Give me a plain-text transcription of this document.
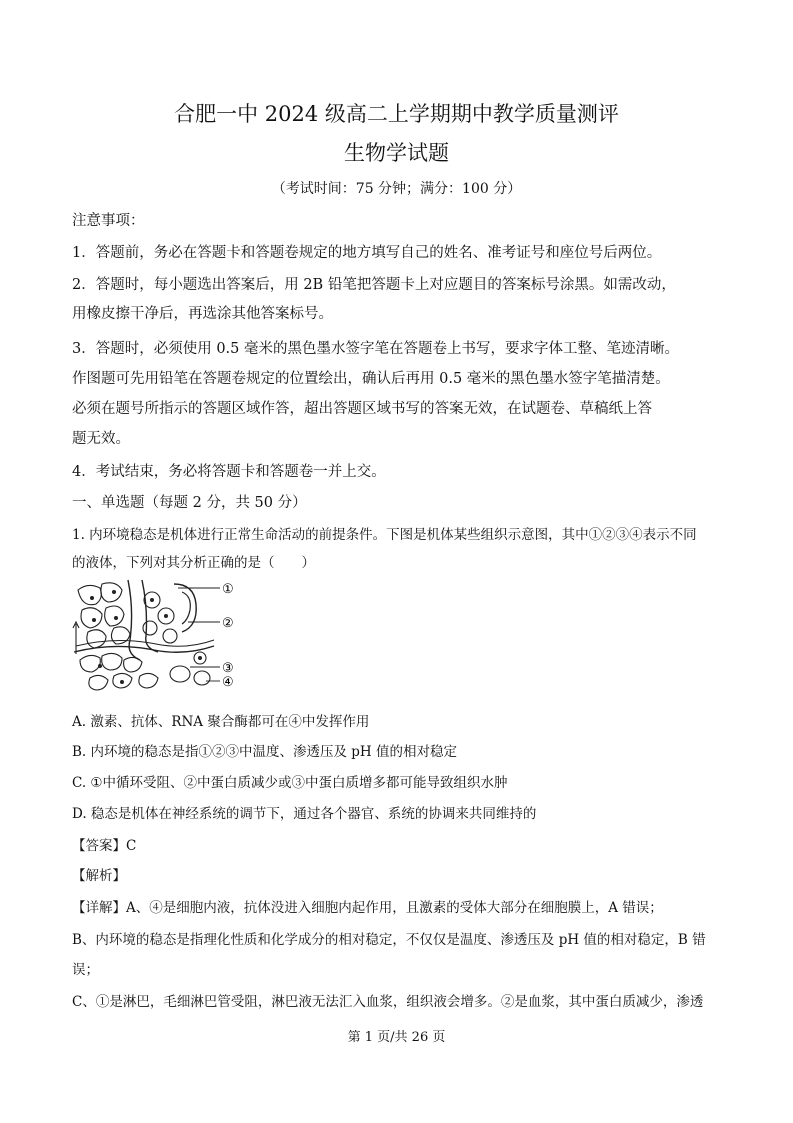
合肥一中 2024 级高二上学期期中教学质量测评
生物学试题
（考试时间：75 分钟；满分：100 分）
注意事项：
1．答题前，务必在答题卡和答题卷规定的地方填写自己的姓名、准考证号和座位号后两位。
2．答题时，每小题选出答案后，用 2B 铅笔把答题卡上对应题目的答案标号涂黑。如需改动，
用橡皮擦干净后，再选涂其他答案标号。
3．答题时，必须使用 0.5 毫米的黑色墨水签字笔在答题卷上书写，要求字体工整、笔迹清晰。
作图题可先用铅笔在答题卷规定的位置绘出，确认后再用 0.5 毫米的黑色墨水签字笔描清楚。
必须在题号所指示的答题区域作答，超出答题区域书写的答案无效，在试题卷、草稿纸上答
题无效。
4．考试结束，务必将答题卡和答题卷一并上交。
一、单选题（每题 2 分，共 50 分）
1. 内环境稳态是机体进行正常生命活动的前提条件。下图是机体某些组织示意图，其中①②③④表示不同
的液体，下列对其分析正确的是（　　）
①
②
③
④
A. 激素、抗体、RNA 聚合酶都可在④中发挥作用
B. 内环境的稳态是指①②③中温度、渗透压及 pH 值的相对稳定
C. ①中循环受阻、②中蛋白质减少或③中蛋白质增多都可能导致组织水肿
D. 稳态是机体在神经系统的调节下，通过各个器官、系统的协调来共同维持的
【答案】C
【解析】
【详解】A、④是细胞内液，抗体没进入细胞内起作用，且激素的受体大部分在细胞膜上，A 错误；
B、内环境的稳态是指理化性质和化学成分的相对稳定，不仅仅是温度、渗透压及 pH 值的相对稳定，B 错
误；
C、①是淋巴，毛细淋巴管受阻，淋巴液无法汇入血浆，组织液会增多。②是血浆，其中蛋白质减少，渗透
第 1 页/共 26 页
